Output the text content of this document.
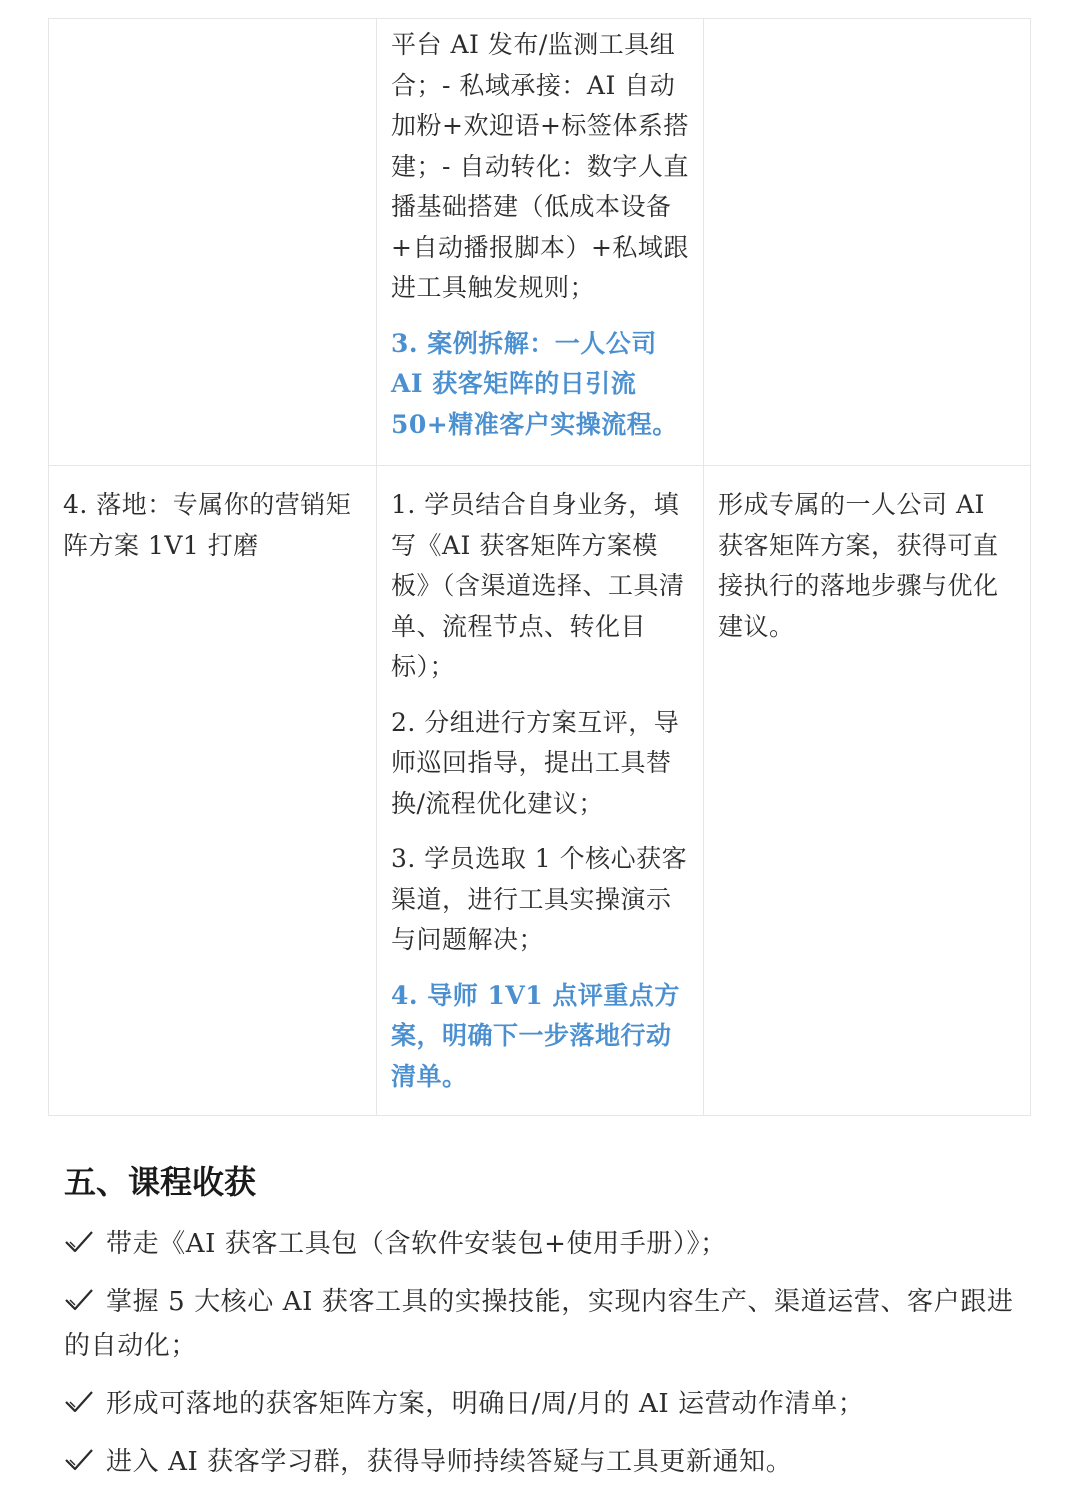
	平台 AI 发布/监测工具组合；- 私域承接：AI 自动加粉+欢迎语+标签体系搭建；- 自动转化：数字人直播基础搭建（低成本设备+自动播报脚本）+私域跟进工具触发规则；

3. 案例拆解：一人公司 AI 获客矩阵的日引流 50+精准客户实操流程。	

4. 落地：专属你的营销矩阵方案 1V1 打磨	1. 学员结合自身业务，填写《AI 获客矩阵方案模板》（含渠道选择、工具清单、流程节点、转化目标）；

2. 分组进行方案互评，导师巡回指导，提出工具替换/流程优化建议；

3. 学员选取 1 个核心获客渠道，进行工具实操演示与问题解决；

4. 导师 1V1 点评重点方案，明确下一步落地行动清单。	形成专属的一人公司 AI 获客矩阵方案，获得可直接执行的落地步骤与优化建议。

五、课程收获
带走《AI 获客工具包（含软件安装包+使用手册）》；
掌握 5 大核心 AI 获客工具的实操技能，实现内容生产、渠道运营、客户跟进的自动化；
形成可落地的获客矩阵方案，明确日/周/月的 AI 运营动作清单；
进入 AI 获客学习群，获得导师持续答疑与工具更新通知。
